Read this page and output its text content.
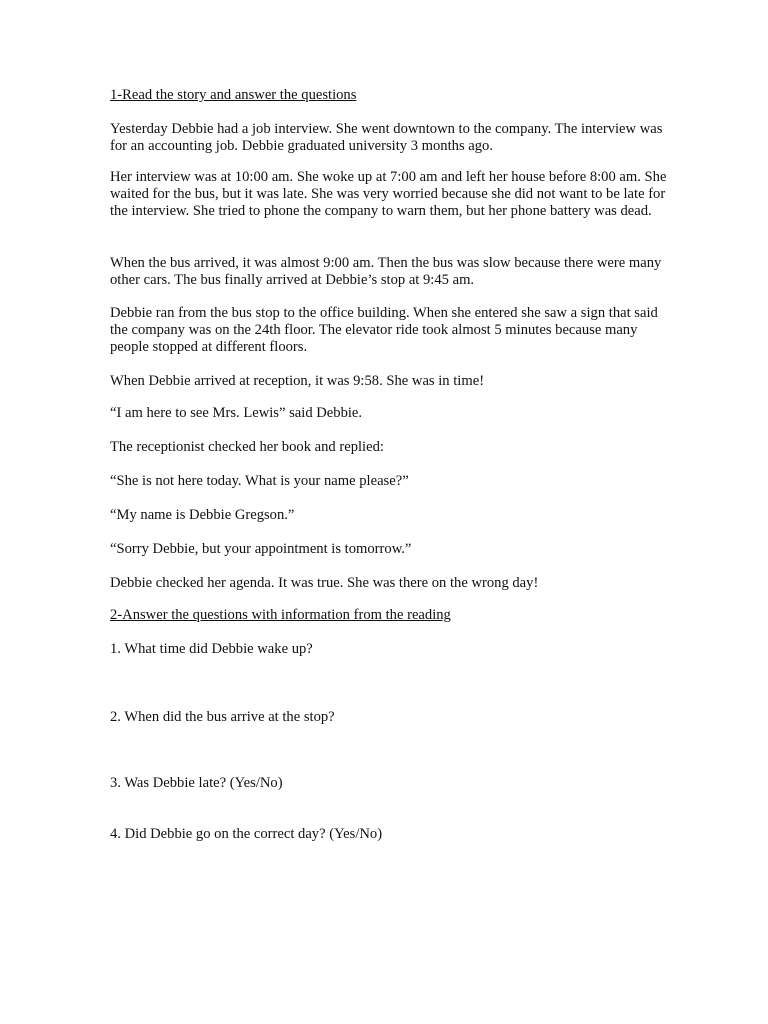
1-Read the story and answer the questions

Yesterday Debbie had a job interview. She went downtown to the company. The interview was for an accounting job. Debbie graduated university 3 months ago.

Her interview was at 10:00 am. She woke up at 7:00 am and left her house before 8:00 am. She waited for the bus, but it was late. She was very worried because she did not want to be late for the interview. She tried to phone the company to warn them, but her phone battery was dead.

When the bus arrived, it was almost 9:00 am. Then the bus was slow because there were many other cars. The bus finally arrived at Debbie’s stop at 9:45 am.

Debbie ran from the bus stop to the office building. When she entered she saw a sign that said the company was on the 24th floor. The elevator ride took almost 5 minutes because many people stopped at different floors.

When Debbie arrived at reception, it was 9:58. She was in time!

“I am here to see Mrs. Lewis” said Debbie.

The receptionist checked her book and replied:

“She is not here today. What is your name please?”

“My name is Debbie Gregson.”

“Sorry Debbie, but your appointment is tomorrow.”

Debbie checked her agenda. It was true. She was there on the wrong day!

2-Answer the questions with information from the reading

1. What time did Debbie wake up?

2. When did the bus arrive at the stop?

3. Was Debbie late? (Yes/No)

4. Did Debbie go on the correct day? (Yes/No)
